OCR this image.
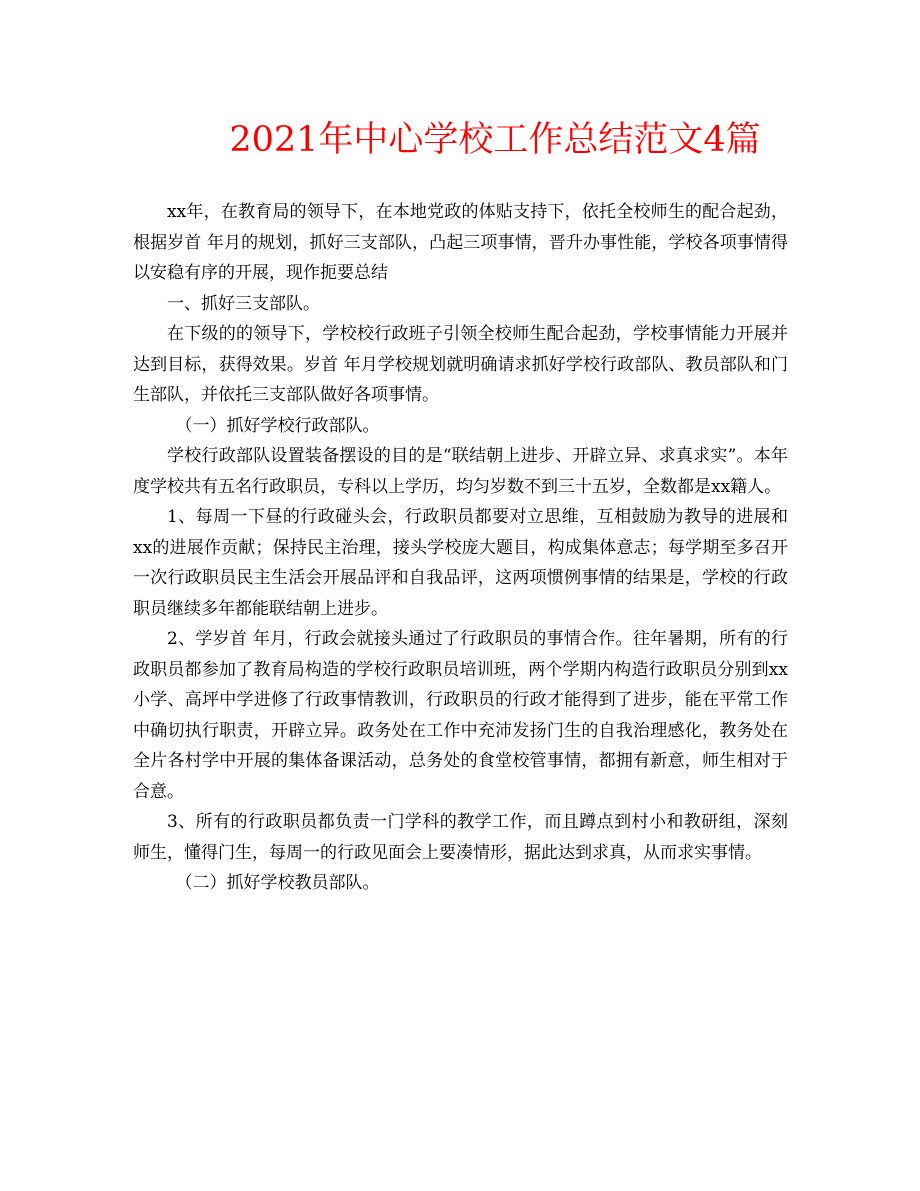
2021年中心学校工作总结范文4篇

xx年，在教育局的领导下，在本地党政的体贴支持下，依托全校师生的配合起劲，根据岁首 年月的规划，抓好三支部队，凸起三项事情，晋升办事性能，学校各项事情得以安稳有序的开展，现作扼要总结

一、抓好三支部队。

在下级的的领导下，学校校行政班子引领全校师生配合起劲，学校事情能力开展并达到目标，获得效果。岁首 年月学校规划就明确请求抓好学校行政部队、教员部队和门生部队，并依托三支部队做好各项事情。

（一）抓好学校行政部队。

学校行政部队设置装备摆设的目的是“联结朝上进步、开辟立异、求真求实”。本年度学校共有五名行政职员，专科以上学历，均匀岁数不到三十五岁，全数都是xx籍人。

1、每周一下昼的行政碰头会，行政职员都要对立思维，互相鼓励为教导的进展和xx的进展作贡献；保持民主治理，接头学校庞大题目，构成集体意志；每学期至多召开一次行政职员民主生活会开展品评和自我品评，这两项惯例事情的结果是，学校的行政职员继续多年都能联结朝上进步。

2、学岁首 年月，行政会就接头通过了行政职员的事情合作。往年暑期，所有的行政职员都参加了教育局构造的学校行政职员培训班，两个学期内构造行政职员分别到xx小学、高坪中学进修了行政事情教训，行政职员的行政才能得到了进步，能在平常工作中确切执行职责，开辟立异。政务处在工作中充沛发扬门生的自我治理感化，教务处在全片各村学中开展的集体备课活动，总务处的食堂校管事情，都拥有新意，师生相对于合意。

3、所有的行政职员都负责一门学科的教学工作，而且蹲点到村小和教研组，深刻师生，懂得门生，每周一的行政见面会上要凑情形，据此达到求真，从而求实事情。

（二）抓好学校教员部队。
